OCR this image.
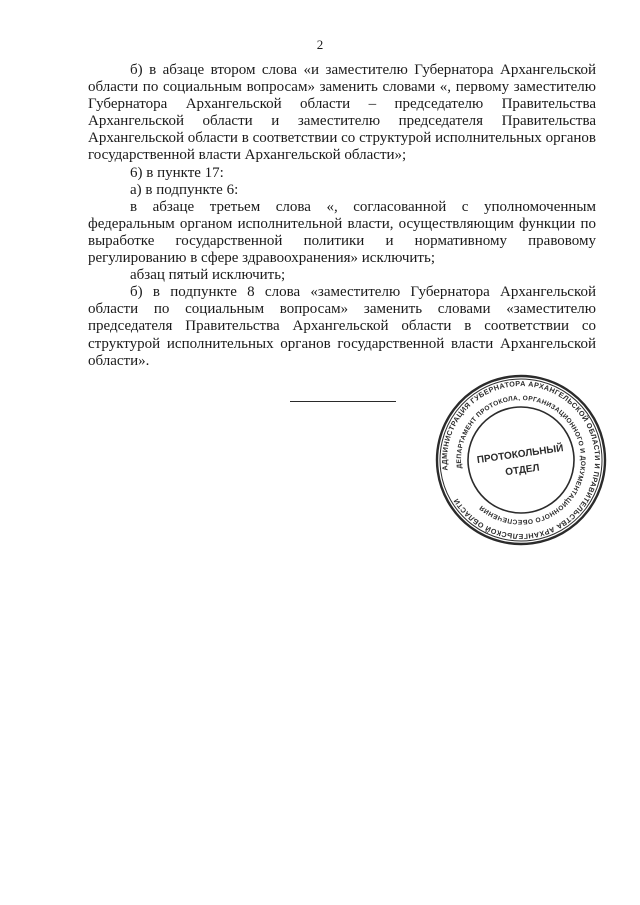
2

б) в абзаце втором слова «и заместителю Губернатора Архангельской области по социальным вопросам» заменить словами «, первому заместителю Губернатора Архангельской области – председателю Правительства Архангельской области и заместителю председателя Правительства Архангельской области в соответствии со структурой исполнительных органов государственной власти Архангельской области»;

6) в пункте 17:

а) в подпункте 6:

в абзаце третьем слова «, согласованной с уполномоченным федеральным органом исполнительной власти, осуществляющим функции по выработке государственной политики и нормативному правовому регулированию в сфере здравоохранения» исключить;

абзац пятый исключить;

б) в подпункте 8 слова «заместителю Губернатора Архангельской области по социальным вопросам» заменить словами «заместителю председателя Правительства Архангельской области в соответствии со структурой исполнительных органов государственной власти Архангельской области».

АДМИНИСТРАЦИЯ ГУБЕРНАТОРА АРХАНГЕЛЬСКОЙ ОБЛАСТИ И ПРАВИТЕЛЬСТВА АРХАНГЕЛЬСКОЙ ОБЛАСТИ
ДЕПАРТАМЕНТ ПРОТОКОЛА, ОРГАНИЗАЦИОННОГО И ДОКУМЕНТАЦИОННОГО ОБЕСПЕЧЕНИЯ
ПРОТОКОЛЬНЫЙ
ОТДЕЛ
